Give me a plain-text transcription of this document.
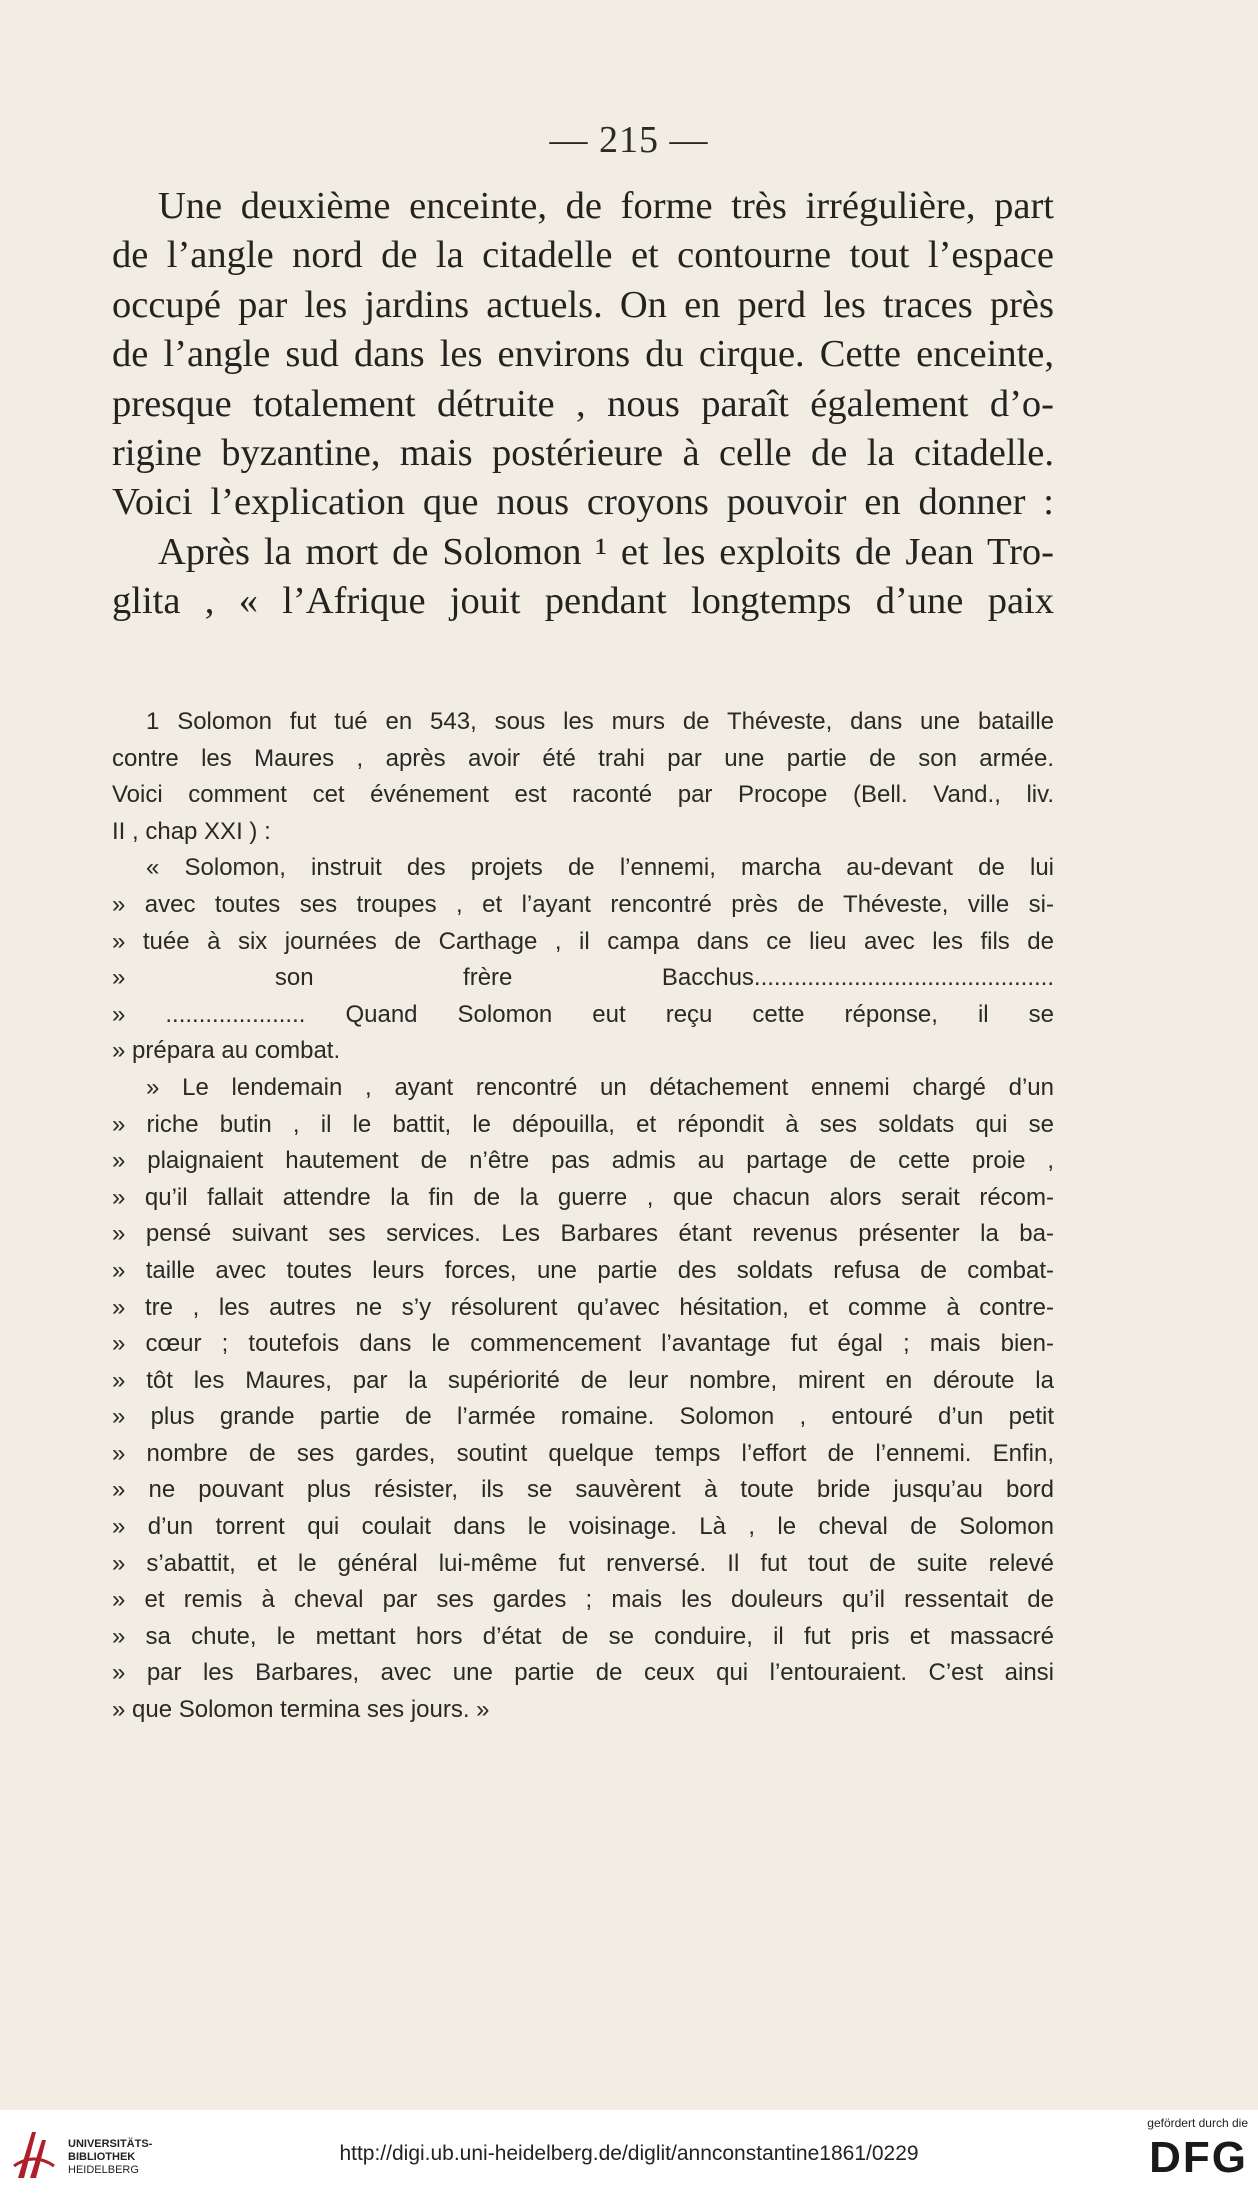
— 215 —
Une deuxième enceinte, de forme très irrégulière, part
de l’angle nord de la citadelle et contourne tout l’espace
occupé par les jardins actuels. On en perd les traces près
de l’angle sud dans les environs du cirque. Cette enceinte,
presque totalement détruite , nous paraît également d’o-
rigine byzantine, mais postérieure à celle de la citadelle.
Voici l’explication que nous croyons pouvoir en donner :
Après la mort de Solomon ¹ et les exploits de Jean Tro-
glita , « l’Afrique jouit pendant longtemps d’une paix
1 Solomon fut tué en 543, sous les murs de Théveste, dans une bataille
contre les Maures , après avoir été trahi par une partie de son armée.
Voici comment cet événement est raconté par Procope (Bell. Vand., liv.
II , chap XXI ) :
« Solomon, instruit des projets de l’ennemi, marcha au-devant de lui
» avec toutes ses troupes , et l’ayant rencontré près de Théveste, ville si-
» tuée à six journées de Carthage , il campa dans ce lieu avec les fils de
» son frère Bacchus.............................................
» ..................... Quand Solomon eut reçu cette réponse, il se
» prépara au combat.
» Le lendemain , ayant rencontré un détachement ennemi chargé d’un
» riche butin , il le battit, le dépouilla, et répondit à ses soldats qui se
» plaignaient hautement de n’être pas admis au partage de cette proie ,
» qu’il fallait attendre la fin de la guerre , que chacun alors serait récom-
» pensé suivant ses services. Les Barbares étant revenus présenter la ba-
» taille avec toutes leurs forces, une partie des soldats refusa de combat-
» tre , les autres ne s’y résolurent qu’avec hésitation, et comme à contre-
» cœur ; toutefois dans le commencement l’avantage fut égal ; mais bien-
» tôt les Maures, par la supériorité de leur nombre, mirent en déroute la
» plus grande partie de l’armée romaine. Solomon , entouré d’un petit
» nombre de ses gardes, soutint quelque temps l’effort de l’ennemi. Enfin,
» ne pouvant plus résister, ils se sauvèrent à toute bride jusqu’au bord
» d’un torrent qui coulait dans le voisinage. Là , le cheval de Solomon
» s’abattit, et le général lui-même fut renversé. Il fut tout de suite relevé
» et remis à cheval par ses gardes ; mais les douleurs qu’il ressentait de
» sa chute, le mettant hors d’état de se conduire, il fut pris et massacré
» par les Barbares, avec une partie de ceux qui l’entouraient. C’est ainsi
» que Solomon termina ses jours. »
UNIVERSITÄTS-
BIBLIOTHEK
HEIDELBERG
http://digi.ub.uni-heidelberg.de/diglit/annconstantine1861/0229
gefördert durch die
DFG
